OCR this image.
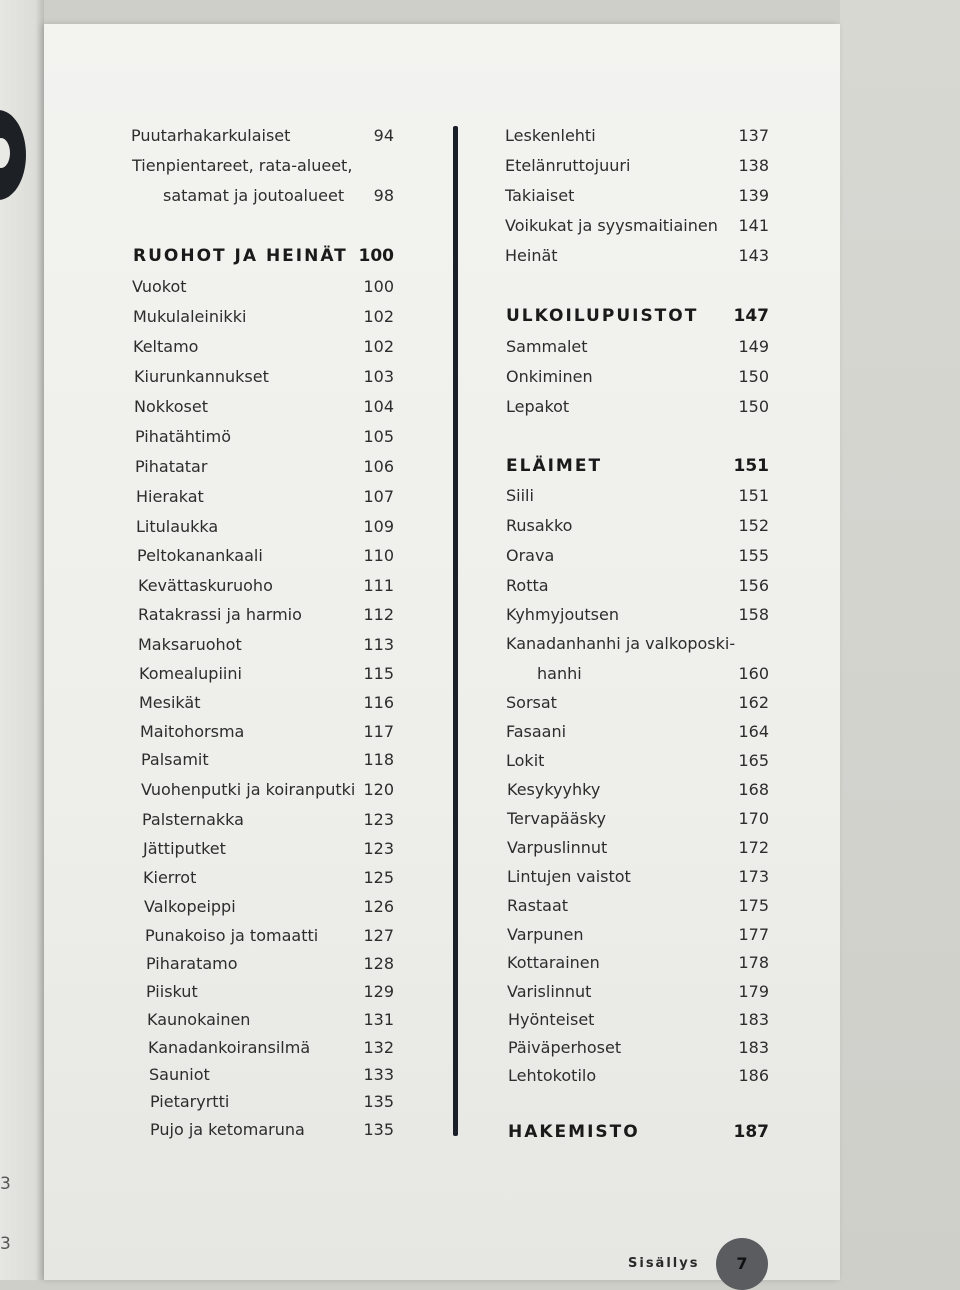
3
3
Puutarhakarkulaiset	94
Tienpientareet, rata-alueet,
satamat ja joutoalueet	98
RUOHOT JA HEINÄT 100
Vuokot	100
Mukulaleinikki	102
Keltamo	102
Kiurunkannukset	103
Nokkoset	104
Pihatähtimö	105
Pihatatar	106
Hierakat	107
Litulaukka	109
Peltokanankaali	110
Kevättaskuruoho	111
Ratakrassi ja harmio	112
Maksaruohot	113
Komealupiini	115
Mesikät	116
Maitohorsma	117
Palsamit	118
Vuohenputki ja koiranputki 120
Palsternakka	123
Jättiputket	123
Kierrot	125
Valkopeippi	126
Punakoiso ja tomaatti	127
Piharatamo	128
Piiskut	129
Kaunokainen	131
Kanadankoiransilmä	132
Sauniot	133
Pietaryrtti	135
Pujo ja ketomaruna	135
Leskenlehti	137
Etelänruttojuuri	138
Takiaiset	139
Voikukat ja syysmaitiainen	141
Heinät	143
ULKOILUPUISTOT	147
Sammalet	149
Onkiminen	150
Lepakot	150
ELÄIMET	151
Siili	151
Rusakko	152
Orava	155
Rotta	156
Kyhmyjoutsen	158
Kanadanhanhi ja valkoposki-
hanhi	160
Sorsat	162
Fasaani	164
Lokit	165
Kesykyyhky	168
Tervapääsky	170
Varpuslinnut	172
Lintujen vaistot	173
Rastaat	175
Varpunen	177
Kottarainen	178
Varislinnut	179
Hyönteiset	183
Päiväperhoset	183
Lehtokotilo	186
HAKEMISTO	187
Sisällys	7
